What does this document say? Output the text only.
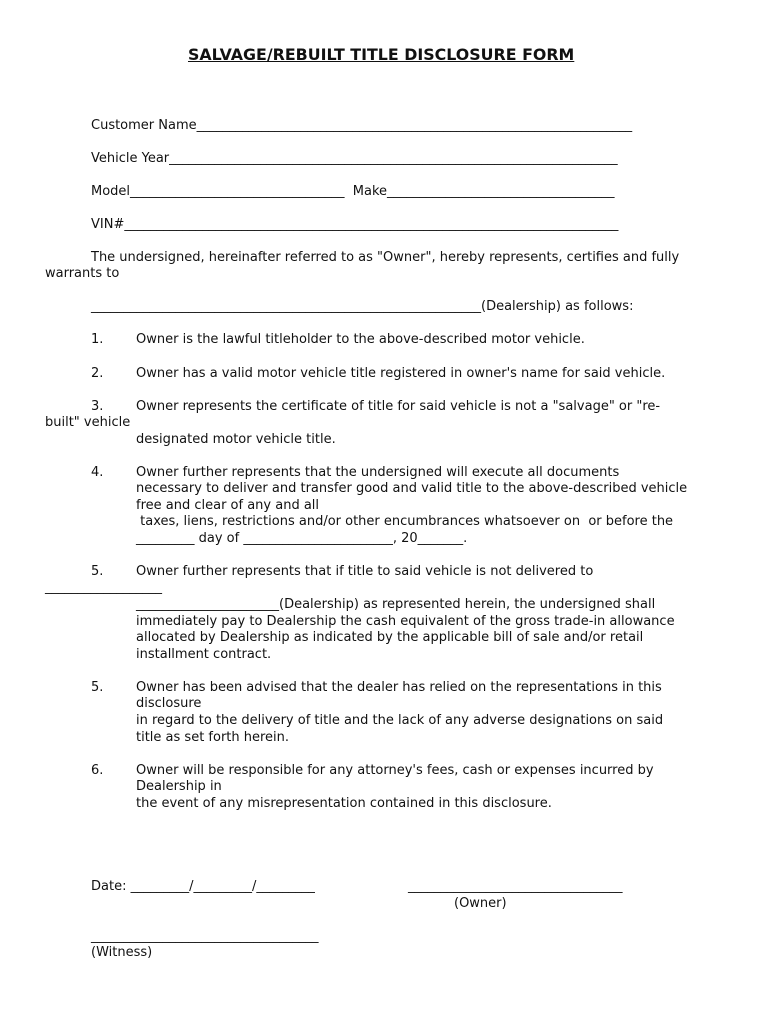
SALVAGE/REBUILT TITLE DISCLOSURE FORM
Customer Name___________________________________________________________________
Vehicle Year_____________________________________________________________________
Model_________________________________  Make___________________________________
VIN#____________________________________________________________________________
The undersigned, hereinafter referred to as "Owner", hereby represents, certifies and fully
warrants to
____________________________________________________________(Dealership) as follows:
1.	Owner is the lawful titleholder to the above-described motor vehicle.
2.	Owner has a valid motor vehicle title registered in owner's name for said vehicle.
3.	Owner represents the certificate of title for said vehicle is not a "salvage" or "re-
built" vehicle
designated motor vehicle title.
4.	Owner further represents that the undersigned will execute all documents
necessary to deliver and transfer good and valid title to the above-described vehicle
free and clear of any and all
taxes, liens, restrictions and/or other encumbrances whatsoever on  or before the
_________ day of _______________________, 20_______.
5.	Owner further represents that if title to said vehicle is not delivered to
__________________
______________________(Dealership) as represented herein, the undersigned shall
immediately pay to Dealership the cash equivalent of the gross trade-in allowance
allocated by Dealership as indicated by the applicable bill of sale and/or retail
installment contract.
5.	Owner has been advised that the dealer has relied on the representations in this
disclosure
in regard to the delivery of title and the lack of any adverse designations on said
title as set forth herein.
6.	Owner will be responsible for any attorney's fees, cash or expenses incurred by
Dealership in
the event of any misrepresentation contained in this disclosure.
Date: _________/_________/_________	_________________________________
(Owner)
___________________________________
(Witness)
